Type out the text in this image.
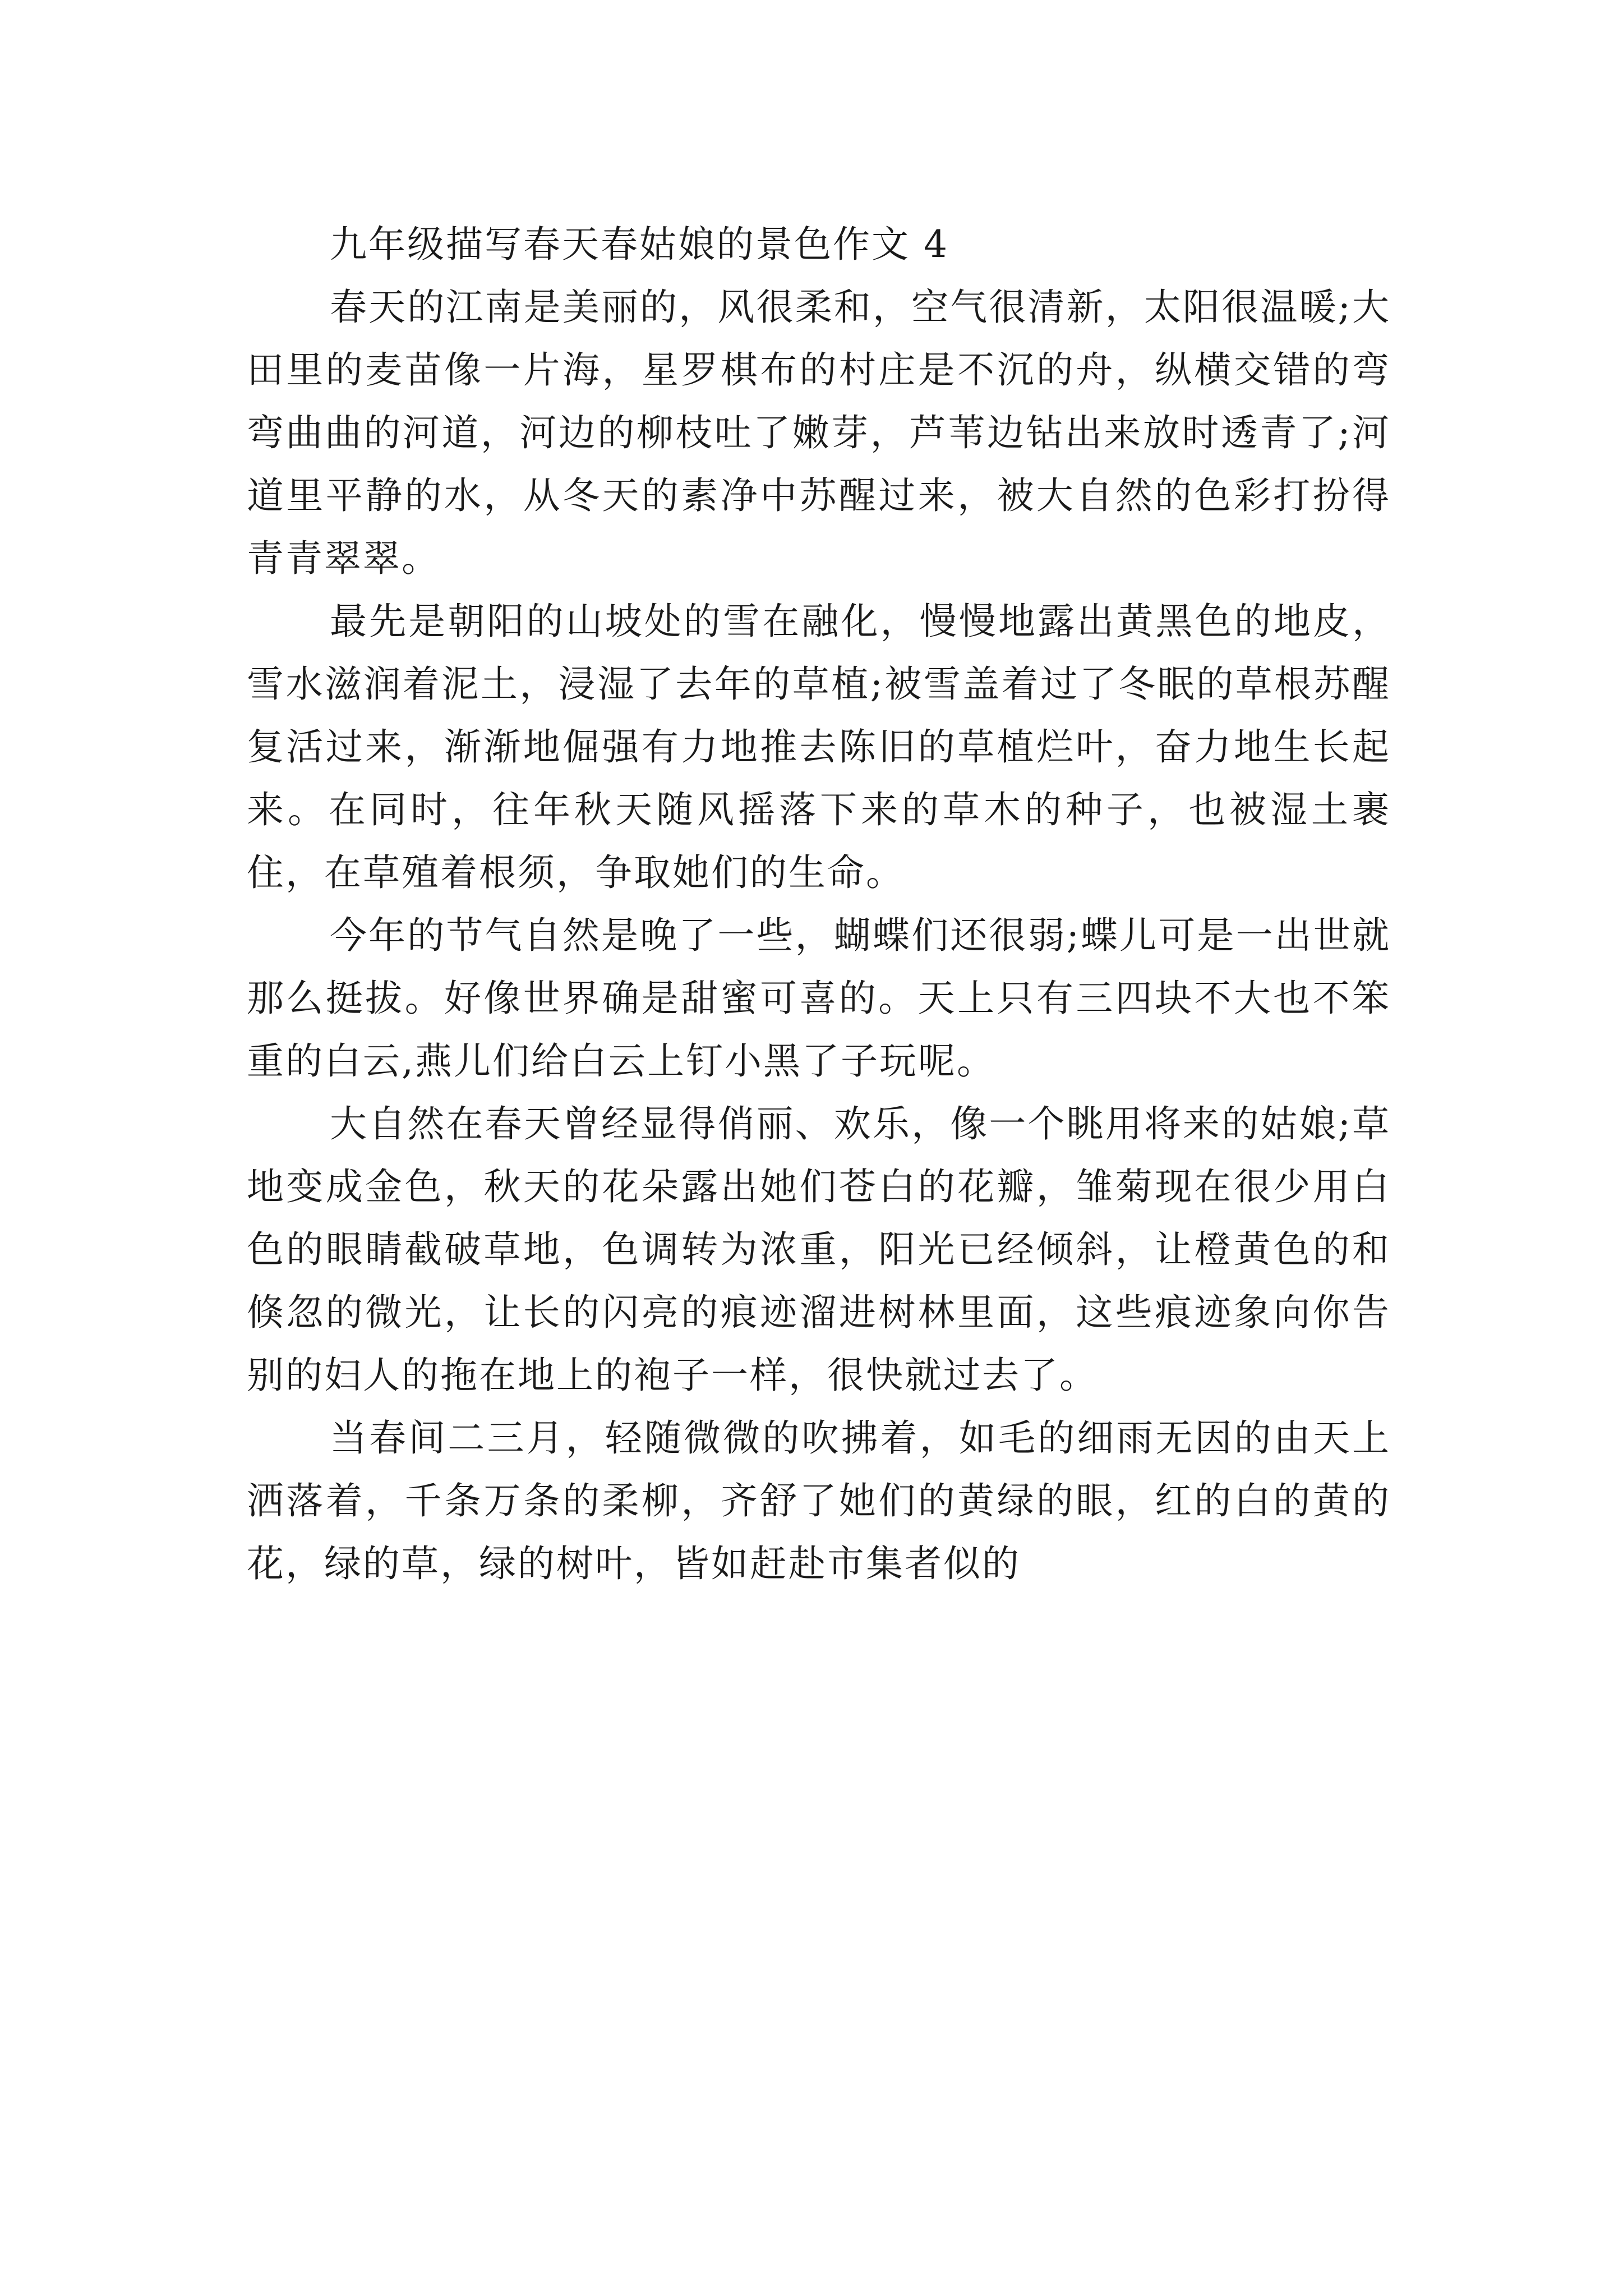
九年级描写春天春姑娘的景色作文 4

春天的江南是美丽的，风很柔和，空气很清新，太阳很温暖;大田里的麦苗像一片海，星罗棋布的村庄是不沉的舟，纵横交错的弯弯曲曲的河道，河边的柳枝吐了嫩芽，芦苇边钻出来放时透青了;河道里平静的水，从冬天的素净中苏醒过来，被大自然的色彩打扮得青青翠翠。

最先是朝阳的山坡处的雪在融化，慢慢地露出黄黑色的地皮，雪水滋润着泥土，浸湿了去年的草植;被雪盖着过了冬眠的草根苏醒复活过来，渐渐地倔强有力地推去陈旧的草植烂叶，奋力地生长起来。在同时，往年秋天随风摇落下来的草木的种子，也被湿土裹住，在草殖着根须，争取她们的生命。

今年的节气自然是晚了一些，蝴蝶们还很弱;蝶儿可是一出世就那么挺拔。好像世界确是甜蜜可喜的。天上只有三四块不大也不笨重的白云,燕儿们给白云上钉小黑了子玩呢。

大自然在春天曾经显得俏丽、欢乐，像一个眺用将来的姑娘;草地变成金色，秋天的花朵露出她们苍白的花瓣，雏菊现在很少用白色的眼睛截破草地，色调转为浓重，阳光已经倾斜，让橙黄色的和倏忽的微光，让长的闪亮的痕迹溜进树林里面，这些痕迹象向你告别的妇人的拖在地上的袍子一样，很快就过去了。

当春间二三月，轻随微微的吹拂着，如毛的细雨无因的由天上洒落着，千条万条的柔柳，齐舒了她们的黄绿的眼，红的白的黄的花，绿的草，绿的树叶，皆如赶赴市集者似的
